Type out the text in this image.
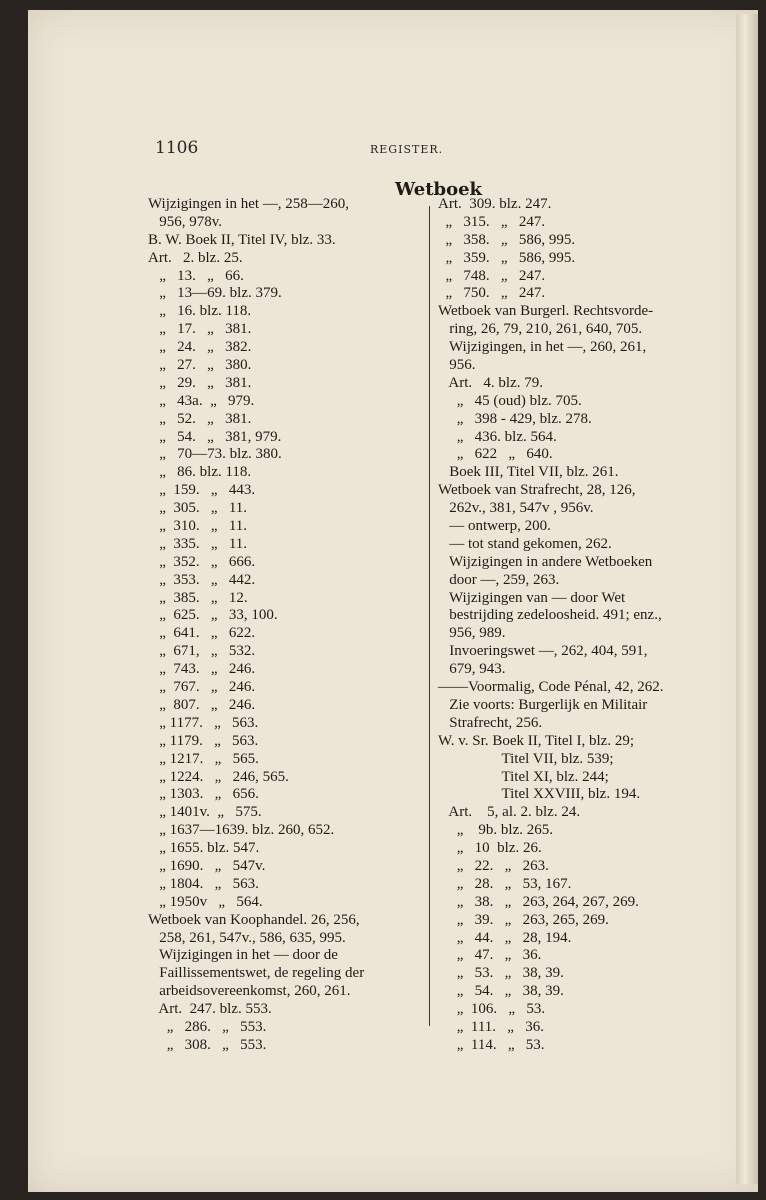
1106	REGISTER.
Wetboek
Wijzigingen in het —, 258—260,
956, 978v.
B. W. Boek II, Titel IV, blz. 33.
Art.   2. blz. 25.
„   13.   „   66.
„   13—69. blz. 379.
„   16. blz. 118.
„   17.   „   381.
„   24.   „   382.
„   27.   „   380.
„   29.   „   381.
„   43a.  „   979.
„   52.   „   381.
„   54.   „   381, 979.
„   70—73. blz. 380.
„   86. blz. 118.
„  159.   „   443.
„  305.   „   11.
„  310.   „   11.
„  335.   „   11.
„  352.   „   666.
„  353.   „   442.
„  385.   „   12.
„  625.   „   33, 100.
„  641.   „   622.
„  671,   „   532.
„  743.   „   246.
„  767.   „   246.
„  807.   „   246.
„ 1177.   „   563.
„ 1179.   „   563.
„ 1217.   „   565.
„ 1224.   „   246, 565.
„ 1303.   „   656.
„ 1401v.  „   575.
„ 1637—1639. blz. 260, 652.
„ 1655. blz. 547.
„ 1690.   „   547v.
„ 1804.   „   563.
„ 1950v   „   564.
Wetboek van Koophandel. 26, 256,
258, 261, 547v., 586, 635, 995.
Wijzigingen in het — door de
Faillissementswet, de regeling der
arbeidsovereenkomst, 260, 261.
Art.  247. blz. 553.
„   286.   „   553.
„   308.   „   553.
Art.  309. blz. 247.
„   315.   „   247.
„   358.   „   586, 995.
„   359.   „   586, 995.
„   748.   „   247.
„   750.   „   247.
Wetboek van Burgerl. Rechtsvorde-
ring, 26, 79, 210, 261, 640, 705.
Wijzigingen, in het —, 260, 261,
956.
Art.   4. blz. 79.
„   45 (oud) blz. 705.
„   398 - 429, blz. 278.
„   436. blz. 564.
„   622   „   640.
Boek III, Titel VII, blz. 261.
Wetboek van Strafrecht, 28, 126,
262v., 381, 547v , 956v.
— ontwerp, 200.
— tot stand gekomen, 262.
Wijzigingen in andere Wetboeken
door —, 259, 263.
Wijzigingen van — door Wet
bestrijding zedeloosheid. 491; enz.,
956, 989.
Invoeringswet —, 262, 404, 591,
679, 943.
——Voormalig, Code Pénal, 42, 262.
Zie voorts: Burgerlijk en Militair
Strafrecht, 256.
W. v. Sr. Boek II, Titel I, blz. 29;
Titel VII, blz. 539;
Titel XI, blz. 244;
Titel XXVIII, blz. 194.
Art.    5, al. 2. blz. 24.
„    9b. blz. 265.
„   10  blz. 26.
„   22.   „   263.
„   28.   „   53, 167.
„   38.   „   263, 264, 267, 269.
„   39.   „   263, 265, 269.
„   44.   „   28, 194.
„   47.   „   36.
„   53.   „   38, 39.
„   54.   „   38, 39.
„  106.   „   53.
„  111.   „   36.
„  114.   „   53.
